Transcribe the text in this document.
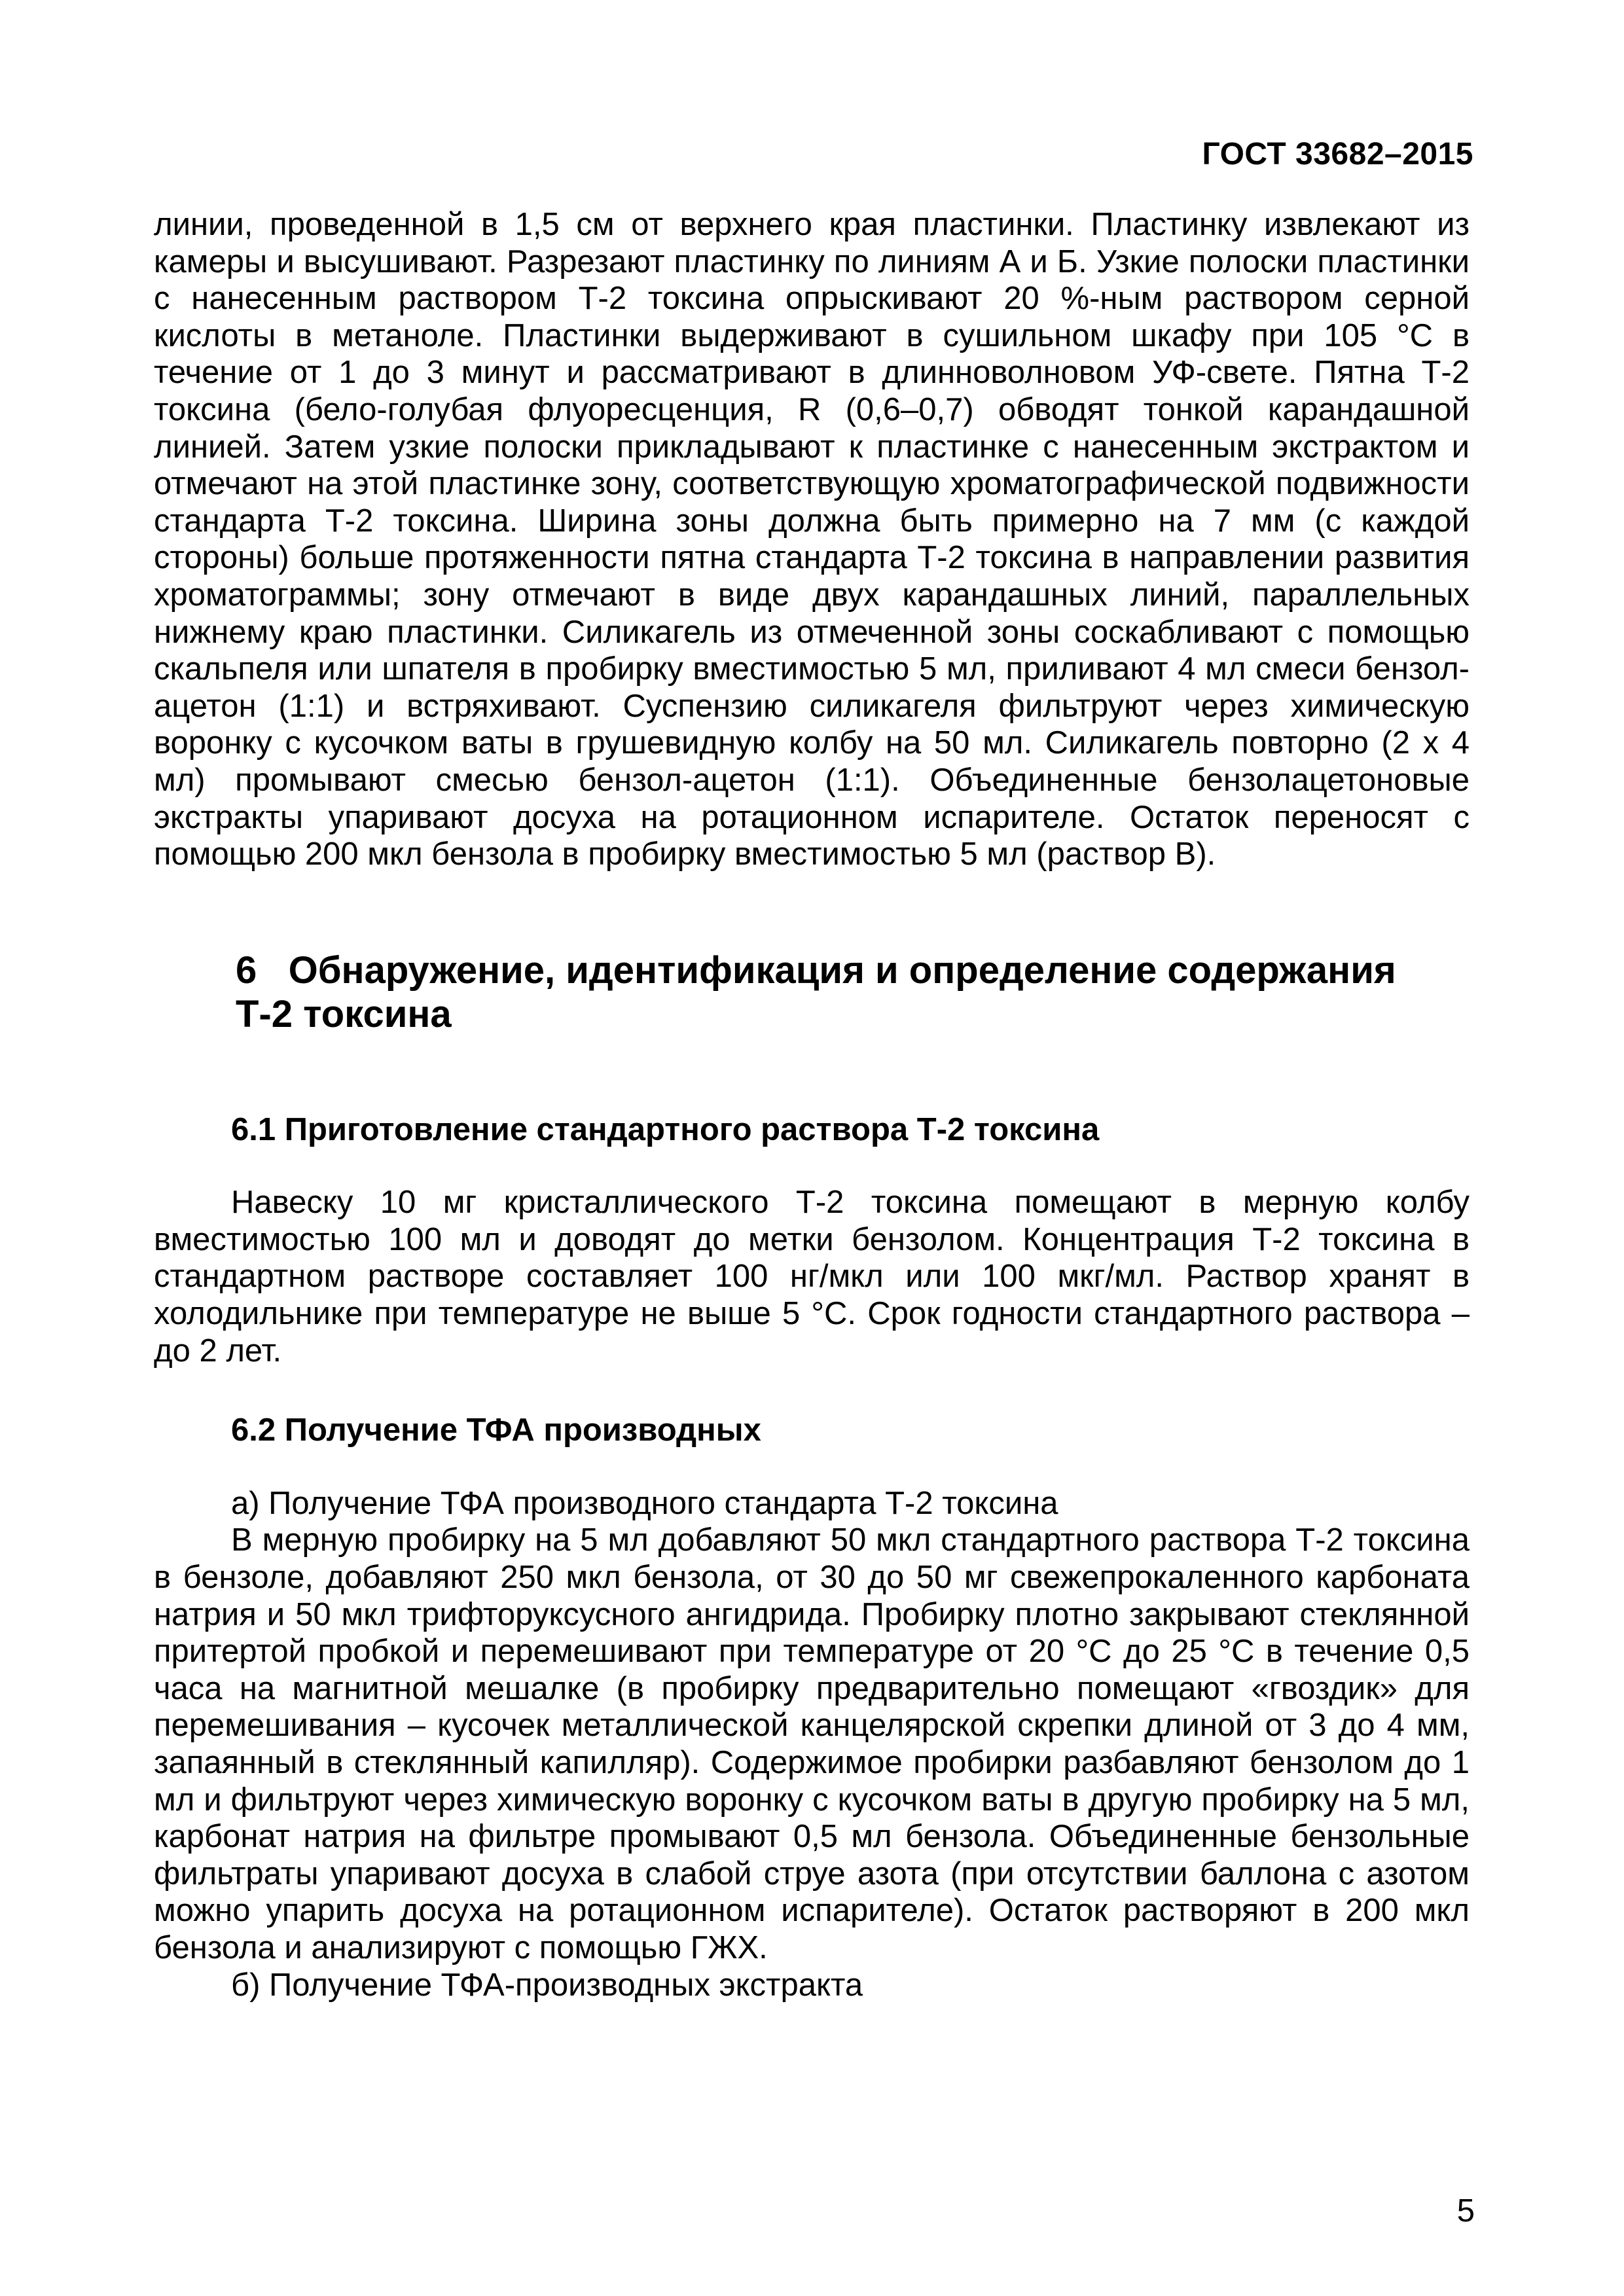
ГОСТ 33682–2015

линии, проведенной в 1,5 см от верхнего края пластинки. Пластинку извлекают из камеры и высушивают. Разрезают пластинку по линиям А и Б. Узкие полоски пластинки с нанесенным раствором Т-2 токсина опрыскивают 20 %-ным раствором серной кислоты в метаноле. Пластинки выдерживают в сушильном шкафу при 105 °С в течение от 1 до 3 минут и рассматривают в длинноволновом УФ-свете. Пятна Т-2 токсина (бело-голубая флуоресценция, R (0,6–0,7) обводят тонкой карандашной линией. Затем узкие полоски прикладывают к пластинке с нанесенным экстрактом и отмечают на этой пластинке зону, соответствующую хроматографической подвижности стандарта Т-2 токсина. Ширина зоны должна быть примерно на 7 мм (с каждой стороны) больше протяженности пятна стандарта Т-2 токсина в направлении развития хроматограммы; зону отмечают в виде двух карандашных линий, параллельных нижнему краю пластинки. Силикагель из отмеченной зоны соскабливают с помощью скальпеля или шпателя в пробирку вместимостью 5 мл, приливают 4 мл смеси бензол-ацетон (1:1) и встряхивают. Суспензию силикагеля фильтруют через химическую воронку с кусочком ваты в грушевидную колбу на 50 мл. Силикагель повторно (2 х 4 мл) промывают смесью бензол-ацетон (1:1). Объединенные бензолацетоновые экстракты упаривают досуха на ротационном испарителе. Остаток переносят с помощью 200 мкл бензола в пробирку вместимостью 5 мл (раствор В).

6 Обнаружение, идентификация и определение содержания
Т-2 токсина
6.1 Приготовление стандартного раствора Т-2 токсина

Навеску 10 мг кристаллического Т-2 токсина помещают в мерную колбу вместимостью 100 мл и доводят до метки бензолом. Концентрация Т-2 токсина в стандартном растворе составляет 100 нг/мкл или 100 мкг/мл. Раствор хранят в холодильнике при температуре не выше 5 °С. Срок годности стандартного раствора – до 2 лет.

6.2 Получение ТФА производных

а) Получение ТФА производного стандарта Т-2 токсина

В мерную пробирку на 5 мл добавляют 50 мкл стандартного раствора Т-2 токсина в бензоле, добавляют 250 мкл бензола, от 30 до 50 мг свежепрокаленного карбоната натрия и 50 мкл трифторуксусного ангидрида. Пробирку плотно закрывают стеклянной притертой пробкой и перемешивают при температуре от 20 °С до 25 °С в течение 0,5 часа на магнитной мешалке (в пробирку предварительно помещают «гвоздик» для перемешивания – кусочек металлической канцелярской скрепки длиной от 3 до 4 мм, запаянный в стеклянный капилляр). Содержимое пробирки разбавляют бензолом до 1 мл и фильтруют через химическую воронку с кусочком ваты в другую пробирку на 5 мл, карбонат натрия на фильтре промывают 0,5 мл бензола. Объединенные бензольные фильтраты упаривают досуха в слабой струе азота (при отсутствии баллона с азотом можно упарить досуха на ротационном испарителе). Остаток растворяют в 200 мкл бензола и анализируют с помощью ГЖХ.

б) Получение ТФА-производных экстракта

5
